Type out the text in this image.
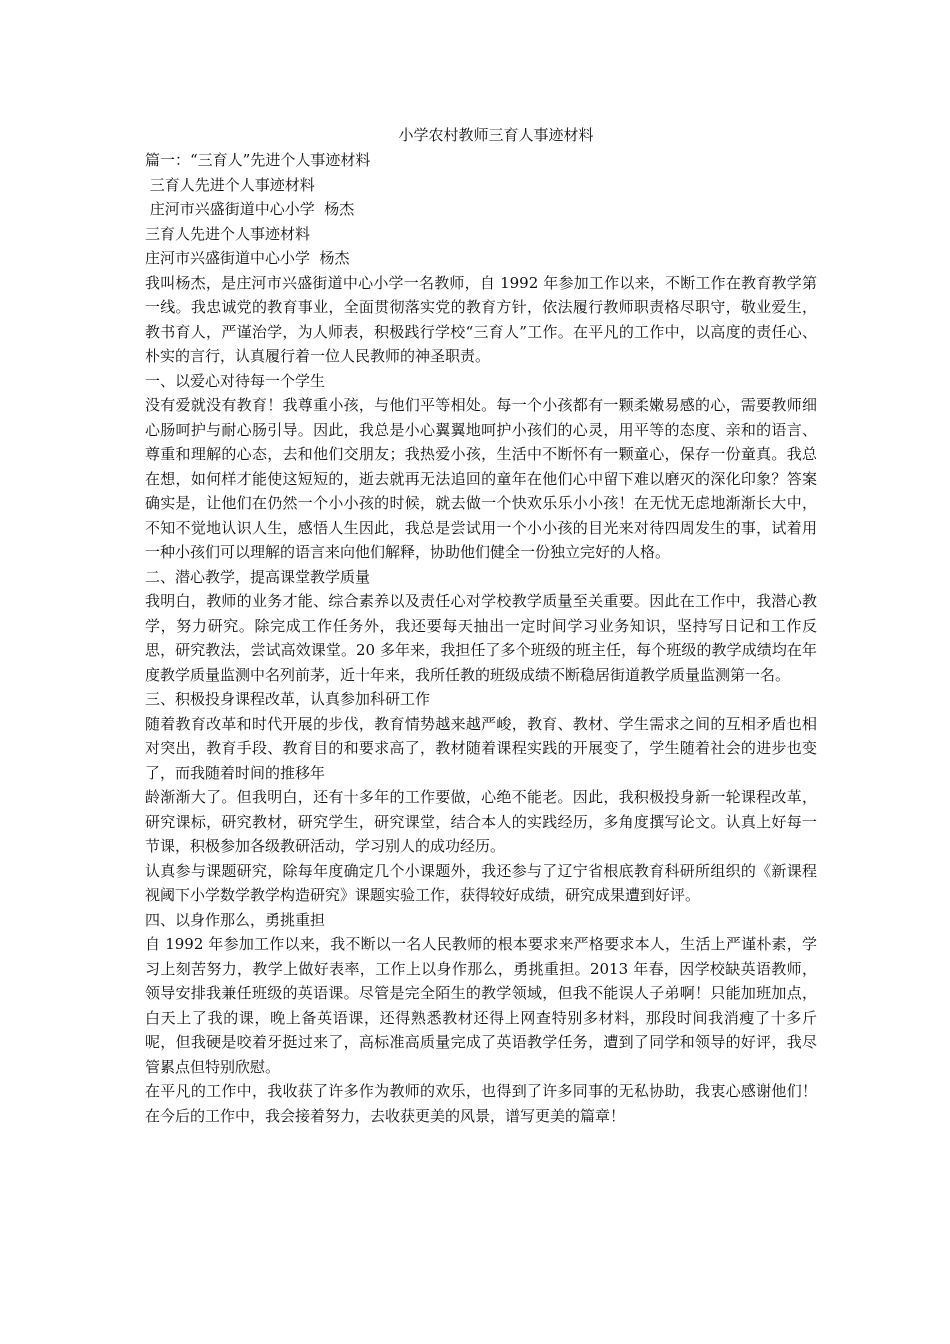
小学农村教师三育人事迹材料

篇一：“三育人”先进个人事迹材料

三育人先进个人事迹材料

庄河市兴盛街道中心小学  杨杰

三育人先进个人事迹材料

庄河市兴盛街道中心小学  杨杰

我叫杨杰，是庄河市兴盛街道中心小学一名教师，自 1992 年参加工作以来，不断工作在教育教学第一线。我忠诚党的教育事业，全面贯彻落实党的教育方针，依法履行教师职责格尽职守，敬业爱生，教书育人，严谨治学，为人师表，积极践行学校“三育人”工作。在平凡的工作中，以高度的责任心、朴实的言行，认真履行着一位人民教师的神圣职责。

一、以爱心对待每一个学生

没有爱就没有教育！我尊重小孩，与他们平等相处。每一个小孩都有一颗柔嫩易感的心，需要教师细心肠呵护与耐心肠引导。因此，我总是小心翼翼地呵护小孩们的心灵，用平等的态度、亲和的语言、尊重和理解的心态，去和他们交朋友；我热爱小孩，生活中不断怀有一颗童心，保存一份童真。我总在想，如何样才能使这短短的，逝去就再无法追回的童年在他们心中留下难以磨灭的深化印象？答案确实是，让他们在仍然一个小小孩的时候，就去做一个快欢乐乐小小孩！在无忧无虑地渐渐长大中，不知不觉地认识人生，感悟人生因此，我总是尝试用一个小小孩的目光来对待四周发生的事，试着用一种小孩们可以理解的语言来向他们解释，协助他们健全一份独立完好的人格。

二、潜心教学，提高课堂教学质量

我明白，教师的业务才能、综合素养以及责任心对学校教学质量至关重要。因此在工作中，我潜心教学，努力研究。除完成工作任务外，我还要每天抽出一定时间学习业务知识，坚持写日记和工作反思，研究教法，尝试高效课堂。20 多年来，我担任了多个班级的班主任，每个班级的教学成绩均在年度教学质量监测中名列前茅，近十年来，我所任教的班级成绩不断稳居街道教学质量监测第一名。

三、积极投身课程改革，认真参加科研工作

随着教育改革和时代开展的步伐，教育情势越来越严峻，教育、教材、学生需求之间的互相矛盾也相对突出，教育手段、教育目的和要求高了，教材随着课程实践的开展变了，学生随着社会的进步也变了，而我随着时间的推移年

龄渐渐大了。但我明白，还有十多年的工作要做，心绝不能老。因此，我积极投身新一轮课程改革，研究课标，研究教材，研究学生，研究课堂，结合本人的实践经历，多角度撰写论文。认真上好每一节课，积极参加各级教研活动，学习别人的成功经历。

认真参与课题研究，除每年度确定几个小课题外，我还参与了辽宁省根底教育科研所组织的《新课程视阈下小学数学教学构造研究》课题实验工作，获得较好成绩，研究成果遭到好评。

四、以身作那么，勇挑重担

自 1992 年参加工作以来，我不断以一名人民教师的根本要求来严格要求本人，生活上严谨朴素，学习上刻苦努力，教学上做好表率，工作上以身作那么，勇挑重担。2013 年春，因学校缺英语教师，领导安排我兼任班级的英语课。尽管是完全陌生的教学领域，但我不能误人子弟啊！只能加班加点，白天上了我的课，晚上备英语课，还得熟悉教材还得上网查特别多材料，那段时间我消瘦了十多斤呢，但我硬是咬着牙挺过来了，高标准高质量完成了英语教学任务，遭到了同学和领导的好评，我尽管累点但特别欣慰。

在平凡的工作中，我收获了许多作为教师的欢乐，也得到了许多同事的无私协助，我衷心感谢他们！在今后的工作中，我会接着努力，去收获更美的风景，谱写更美的篇章！
